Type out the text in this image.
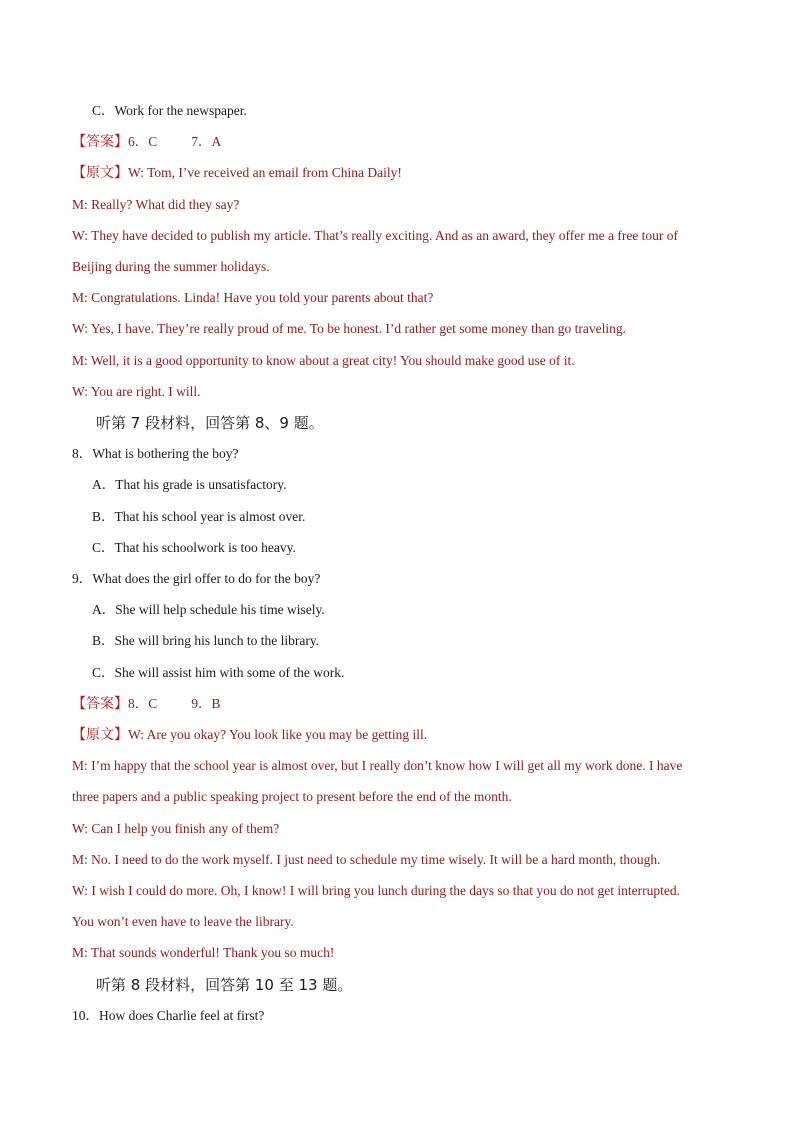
C．Work for the newspaper.
【答案】6．C	7．A
【原文】W: Tom, I’ve received an email from China Daily!
M: Really? What did they say?
W: They have decided to publish my article. That’s really exciting. And as an award, they offer me a free tour of
Beijing during the summer holidays.
M: Congratulations. Linda! Have you told your parents about that?
W: Yes, I have. They’re really proud of me. To be honest. I’d rather get some money than go traveling.
M: Well, it is a good opportunity to know about a great city! You should make good use of it.
W: You are right. I will.
听第 7 段材料，回答第 8、9 题。
8．What is bothering the boy?
A．That his grade is unsatisfactory.
B．That his school year is almost over.
C．That his schoolwork is too heavy.
9．What does the girl offer to do for the boy?
A．She will help schedule his time wisely.
B．She will bring his lunch to the library.
C．She will assist him with some of the work.
【答案】8．C	9．B
【原文】W: Are you okay? You look like you may be getting ill.
M: I’m happy that the school year is almost over, but I really don’t know how I will get all my work done. I have
three papers and a public speaking project to present before the end of the month.
W: Can I help you finish any of them?
M: No. I need to do the work myself. I just need to schedule my time wisely. It will be a hard month, though.
W: I wish I could do more. Oh, I know! I will bring you lunch during the days so that you do not get interrupted.
You won’t even have to leave the library.
M: That sounds wonderful! Thank you so much!
听第 8 段材料，回答第 10 至 13 题。
10．How does Charlie feel at first?
